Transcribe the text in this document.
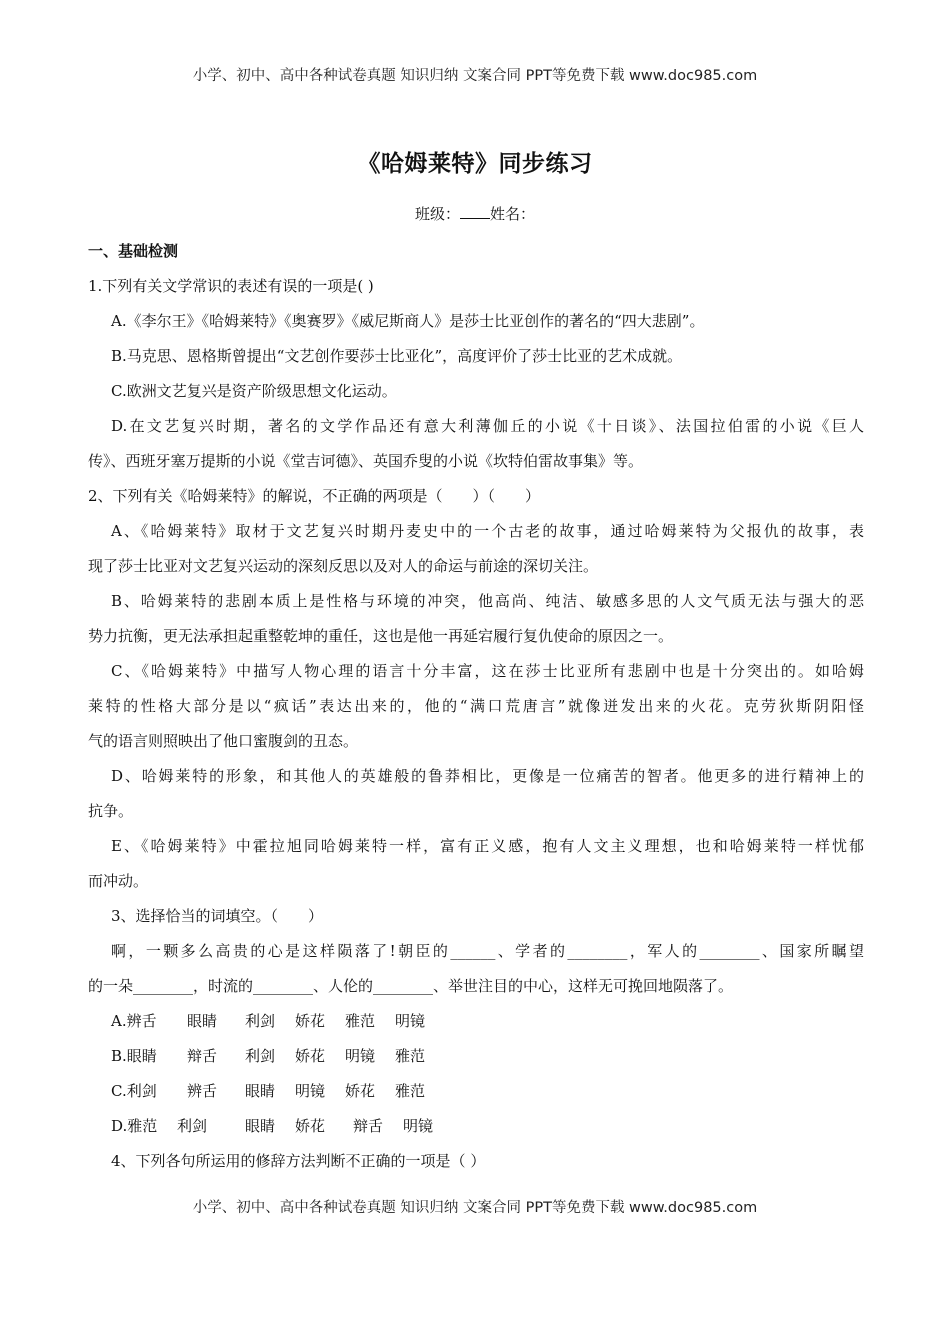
小学、初中、高中各种试卷真题 知识归纳 文案合同 PPT等免费下载 www.doc985.com
《哈姆莱特》同步练习
班级： 姓名：
一、基础检测
1.下列有关文学常识的表述有误的一项是( )
A.《李尔王》《哈姆莱特》《奥赛罗》《威尼斯商人》是莎士比亚创作的著名的“四大悲剧”。
B.马克思、恩格斯曾提出“文艺创作要莎士比亚化”，高度评价了莎士比亚的艺术成就。
C.欧洲文艺复兴是资产阶级思想文化运动。
D.在文艺复兴时期，著名的文学作品还有意大利薄伽丘的小说《十日谈》、法国拉伯雷的小说《巨人
传》、西班牙塞万提斯的小说《堂吉诃德》、英国乔叟的小说《坎特伯雷故事集》等。
2、下列有关《哈姆莱特》的解说，不正确的两项是（　　）（　　）
A、《哈姆莱特》取材于文艺复兴时期丹麦史中的一个古老的故事，通过哈姆莱特为父报仇的故事，表
现了莎士比亚对文艺复兴运动的深刻反思以及对人的命运与前途的深切关注。
B、哈姆莱特的悲剧本质上是性格与环境的冲突，他高尚、纯洁、敏感多思的人文气质无法与强大的恶
势力抗衡，更无法承担起重整乾坤的重任，这也是他一再延宕履行复仇使命的原因之一。
C、《哈姆莱特》中描写人物心理的语言十分丰富，这在莎士比亚所有悲剧中也是十分突出的。如哈姆
莱特的性格大部分是以“疯话”表达出来的，他的“满口荒唐言”就像迸发出来的火花。克劳狄斯阴阳怪
气的语言则照映出了他口蜜腹剑的丑态。
D、哈姆莱特的形象，和其他人的英雄般的鲁莽相比，更像是一位痛苦的智者。他更多的进行精神上的
抗争。
E、《哈姆莱特》中霍拉旭同哈姆莱特一样，富有正义感，抱有人文主义理想，也和哈姆莱特一样忧郁
而冲动。
3、选择恰当的词填空。（　　）
啊，一颗多么高贵的心是这样陨落了!朝臣的______、学者的________，军人的________、国家所瞩望
的一朵________，时流的________、人伦的________、举世注目的中心，这样无可挽回地陨落了。
A.辨舌 眼睛 利剑 娇花 雅范 明镜
B.眼睛 辩舌 利剑 娇花 明镜 雅范
C.利剑 辨舌 眼睛 明镜 娇花 雅范
D.雅范 利剑	眼睛 娇花 辩舌 明镜
4、下列各句所运用的修辞方法判断不正确的一项是（ ）
小学、初中、高中各种试卷真题 知识归纳 文案合同 PPT等免费下载 www.doc985.com
